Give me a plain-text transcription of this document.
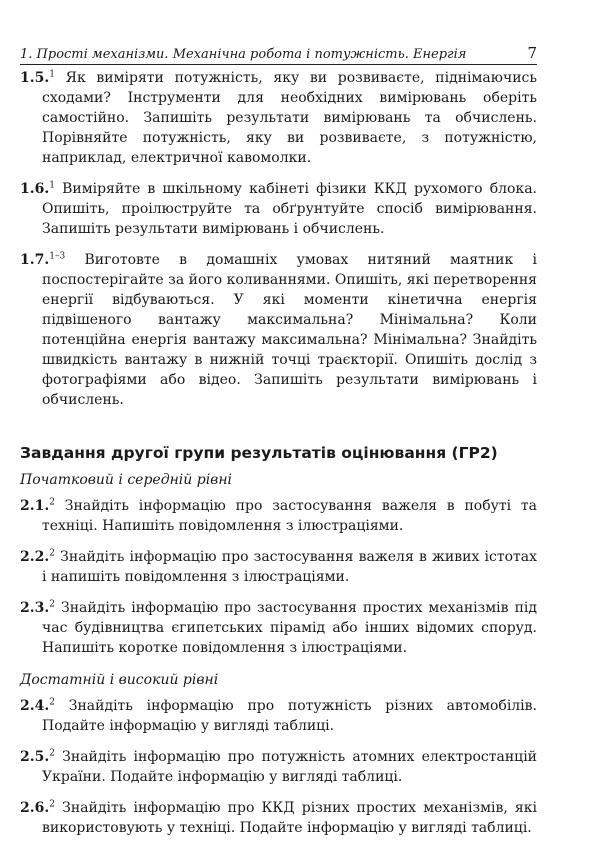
1. Прості механізми. Механічна робота і потужність. Енергія	7

1.5.$^1$ Як виміряти потужність, яку ви розвиваєте, піднімаючись сходами? Інструменти для необхідних вимірювань оберіть самостійно. Запишіть результати вимірювань та обчислень. Порівняйте потужність, яку ви розвиваєте, з потужністю, наприклад, електричної кавомолки.

1.6.$^1$ Виміряйте в шкільному кабінеті фізики ККД рухомого блока. Опишіть, проілюструйте та обґрунтуйте спосіб вимірювання. Запишіть результати вимірювань і обчислень.

1.7.$^{1-3}$ Виготовте в домашніх умовах нитяний маятник і поспостерігайте за його коливаннями. Опишіть, які перетворення енергії відбуваються. У які моменти кінетична енергія підвішеного вантажу максимальна? Мінімальна? Коли потенційна енергія вантажу максимальна? Мінімальна? Знайдіть швидкість вантажу в нижній точці траєкторії. Опишіть дослід з фотографіями або відео. Запишіть результати вимірювань і обчислень.

Завдання другої групи результатів оцінювання (ГР2)
Початковий і середній рівні

2.1.$^2$ Знайдіть інформацію про застосування важеля в побуті та техніці. Напишіть повідомлення з ілюстраціями.

2.2.$^2$ Знайдіть інформацію про застосування важеля в живих істотах і напишіть повідомлення з ілюстраціями.

2.3.$^2$ Знайдіть інформацію про застосування простих механізмів під час будівництва єгипетських пірамід або інших відомих споруд. Напишіть коротке повідомлення з ілюстраціями.

Достатній і високий рівні

2.4.$^2$ Знайдіть інформацію про потужність різних автомобілів. Подайте інформацію у вигляді таблиці.

2.5.$^2$ Знайдіть інформацію про потужність атомних електростанцій України. Подайте інформацію у вигляді таблиці.

2.6.$^2$ Знайдіть інформацію про ККД різних простих механізмів, які використовують у техніці. Подайте інформацію у вигляді таблиці.
